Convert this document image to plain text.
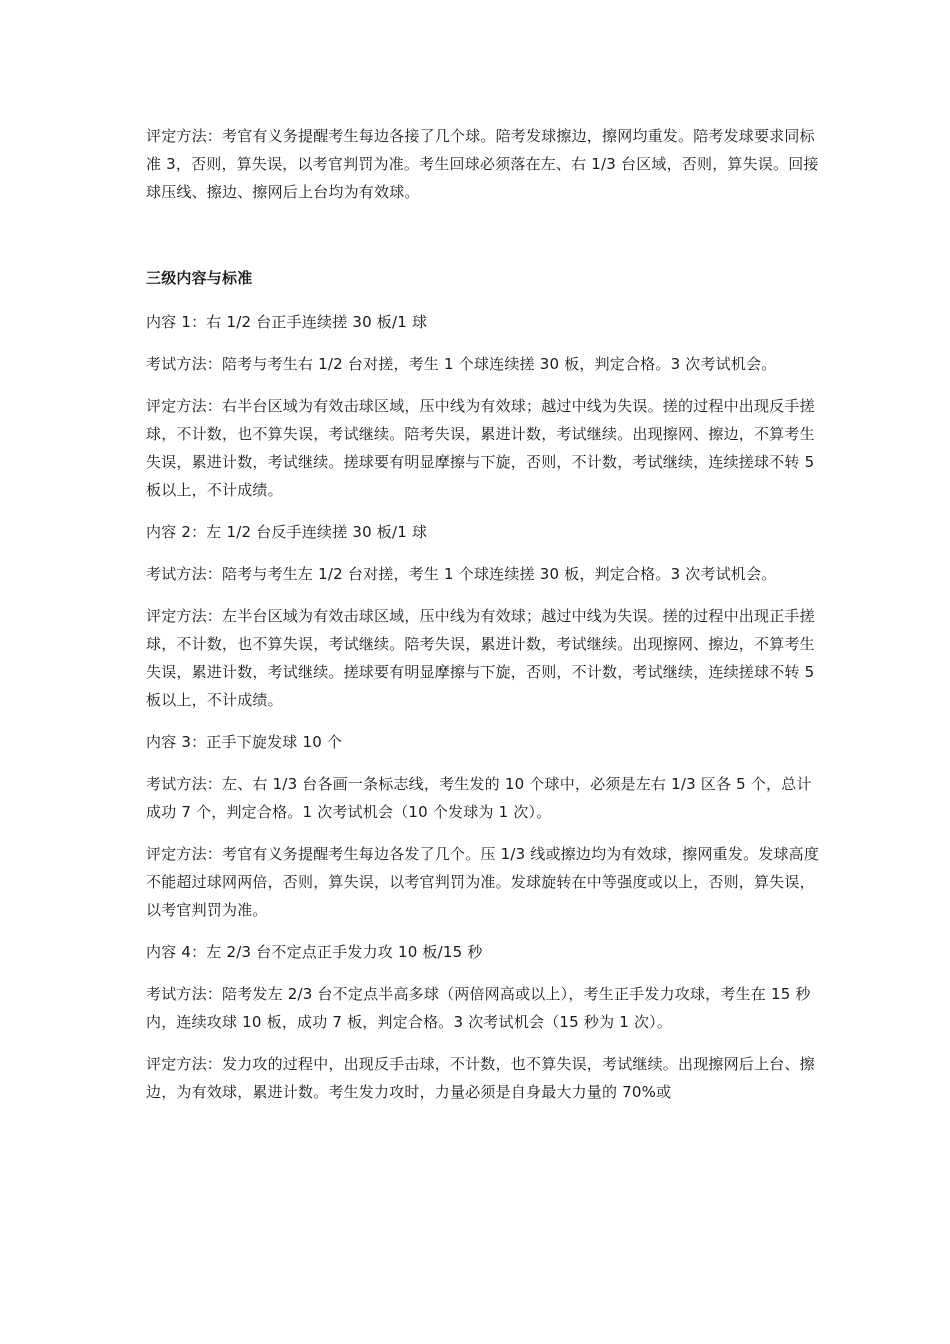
评定方法：考官有义务提醒考生每边各接了几个球。陪考发球擦边，擦网均重发。陪考发球要求同标准 3，否则，算失误，以考官判罚为准。考生回球必须落在左、右 1/3 台区域，否则，算失误。回接球压线、擦边、擦网后上台均为有效球。

三级内容与标准

内容 1：右 1/2 台正手连续搓 30 板/1 球

考试方法：陪考与考生右 1/2 台对搓，考生 1 个球连续搓 30 板，判定合格。3 次考试机会。

评定方法：右半台区域为有效击球区域，压中线为有效球；越过中线为失误。搓的过程中出现反手搓球，不计数，也不算失误，考试继续。陪考失误，累进计数，考试继续。出现擦网、擦边，不算考生失误，累进计数，考试继续。搓球要有明显摩擦与下旋，否则，不计数，考试继续，连续搓球不转 5 板以上，不计成绩。

内容 2：左 1/2 台反手连续搓 30 板/1 球

考试方法：陪考与考生左 1/2 台对搓，考生 1 个球连续搓 30 板，判定合格。3 次考试机会。

评定方法：左半台区域为有效击球区域，压中线为有效球；越过中线为失误。搓的过程中出现正手搓球，不计数，也不算失误，考试继续。陪考失误，累进计数，考试继续。出现擦网、擦边，不算考生失误，累进计数，考试继续。搓球要有明显摩擦与下旋，否则，不计数，考试继续，连续搓球不转 5 板以上，不计成绩。

内容 3：正手下旋发球 10 个

考试方法：左、右 1/3 台各画一条标志线，考生发的 10 个球中，必须是左右 1/3 区各 5 个，总计成功 7 个，判定合格。1 次考试机会（10 个发球为 1 次）。

评定方法：考官有义务提醒考生每边各发了几个。压 1/3 线或擦边均为有效球，擦网重发。发球高度不能超过球网两倍，否则，算失误，以考官判罚为准。发球旋转在中等强度或以上，否则，算失误，以考官判罚为准。

内容 4：左 2/3 台不定点正手发力攻 10 板/15 秒

考试方法：陪考发左 2/3 台不定点半高多球（两倍网高或以上），考生正手发力攻球，考生在 15 秒内，连续攻球 10 板，成功 7 板，判定合格。3 次考试机会（15 秒为 1 次）。

评定方法：发力攻的过程中，出现反手击球，不计数，也不算失误，考试继续。出现擦网后上台、擦边，为有效球，累进计数。考生发力攻时，力量必须是自身最大力量的 70%或
